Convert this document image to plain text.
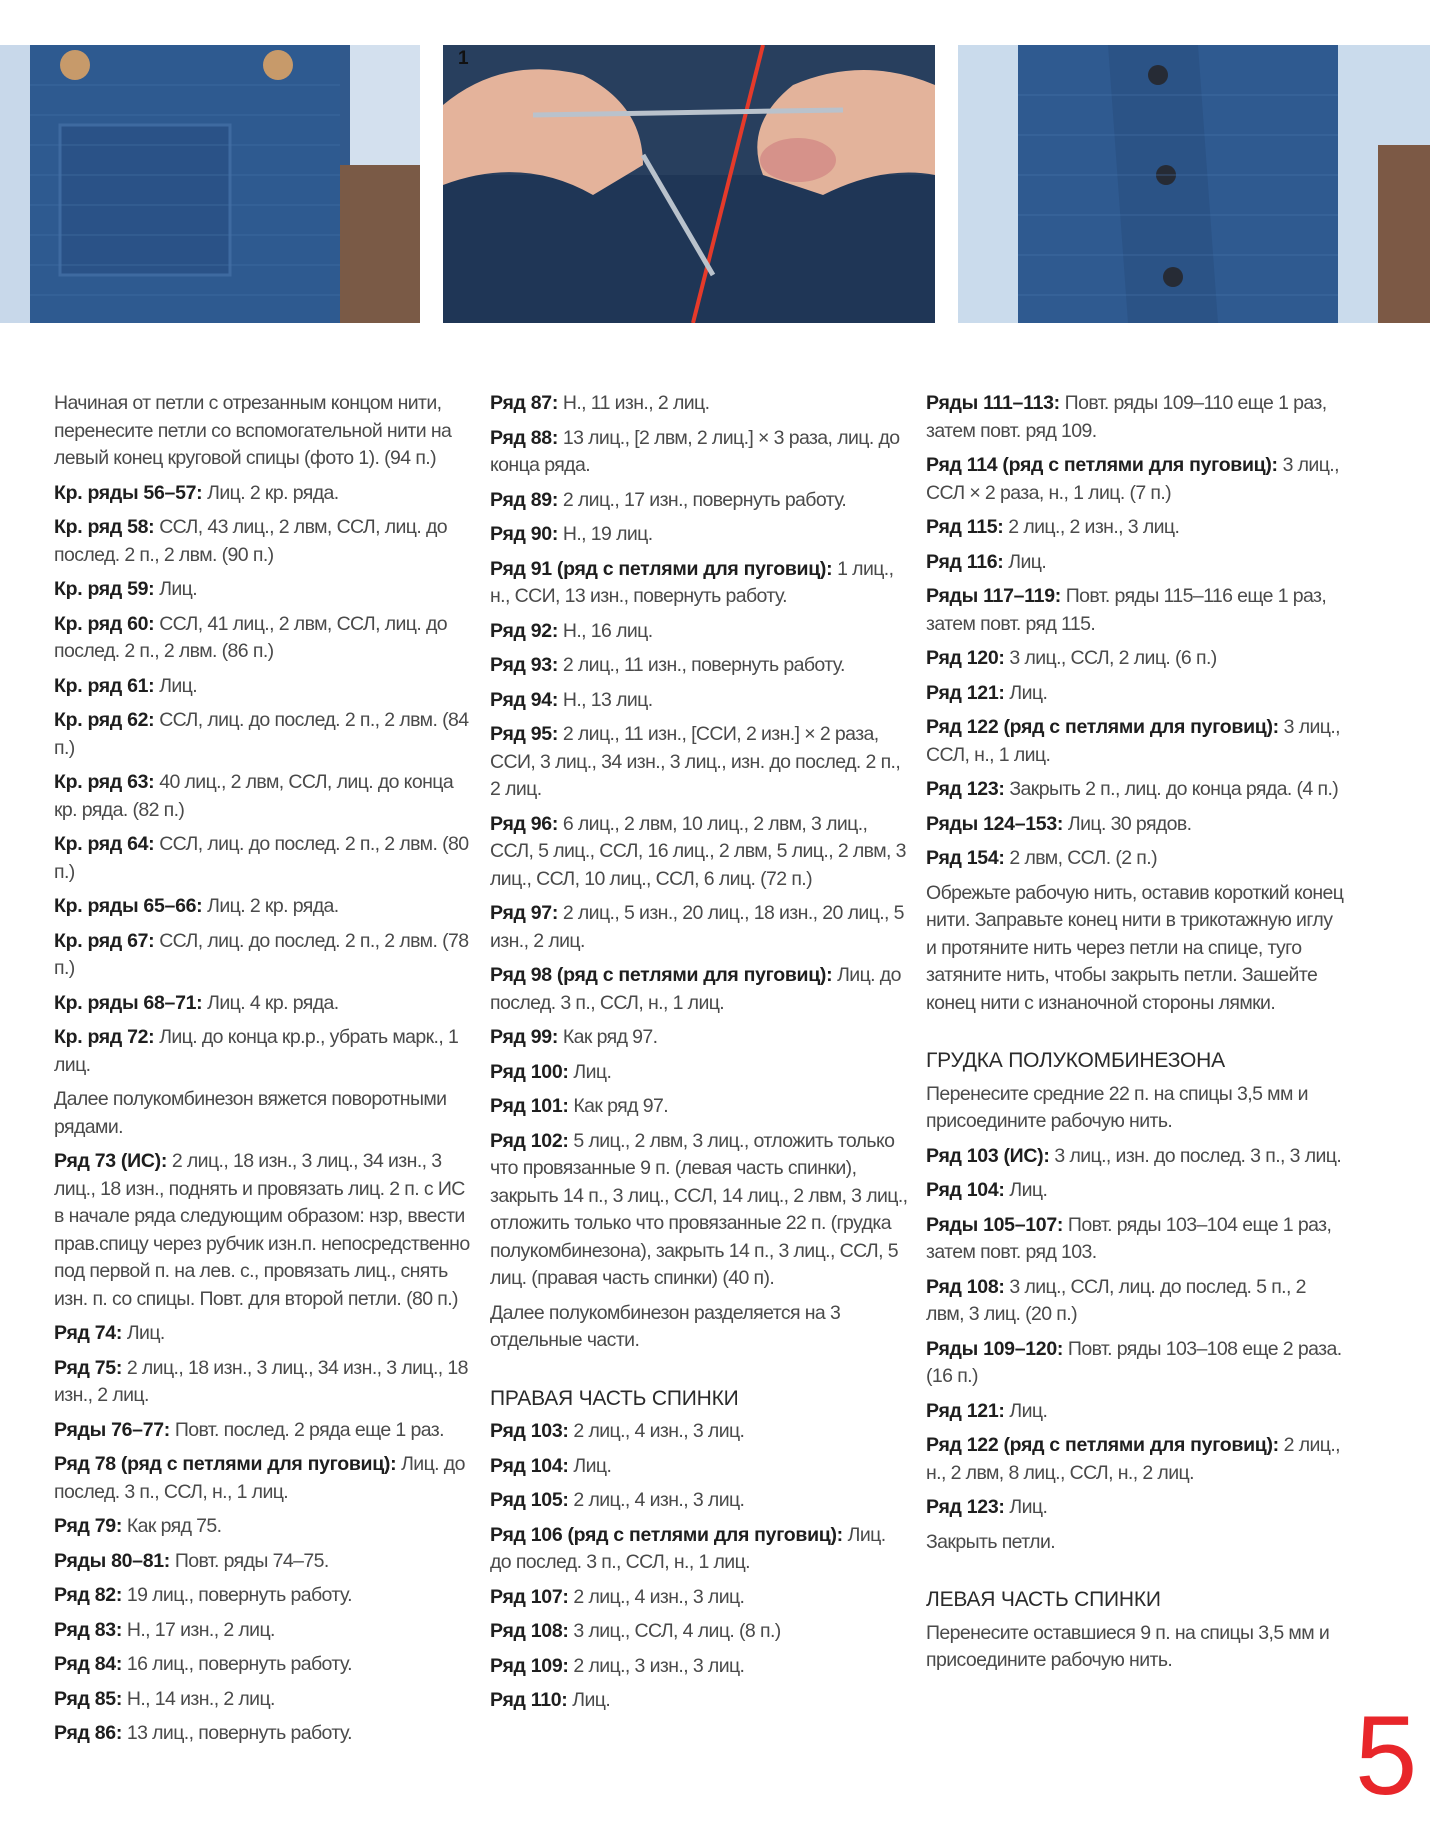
1
Начиная от петли с отрезанным концом нити, перенесите петли со вспомогательной нити на левый конец круговой спицы (фото 1). (94 п.)
Кр. ряды 56–57: Лиц. 2 кр. ряда.
Кр. ряд 58: ССЛ, 43 лиц., 2 лвм, ССЛ, лиц. до послед. 2 п., 2 лвм. (90 п.)
Кр. ряд 59: Лиц.
Кр. ряд 60: ССЛ, 41 лиц., 2 лвм, ССЛ, лиц. до послед. 2 п., 2 лвм. (86 п.)
Кр. ряд 61: Лиц.
Кр. ряд 62: ССЛ, лиц. до послед. 2 п., 2 лвм. (84 п.)
Кр. ряд 63: 40 лиц., 2 лвм, ССЛ, лиц. до конца кр. ряда. (82 п.)
Кр. ряд 64: ССЛ, лиц. до послед. 2 п., 2 лвм. (80 п.)
Кр. ряды 65–66: Лиц. 2 кр. ряда.
Кр. ряд 67: ССЛ, лиц. до послед. 2 п., 2 лвм. (78 п.)
Кр. ряды 68–71: Лиц. 4 кр. ряда.
Кр. ряд 72: Лиц. до конца кр.р., убрать марк., 1 лиц.
Далее полукомбинезон вяжется поворотными рядами.
Ряд 73 (ИС): 2 лиц., 18 изн., 3 лиц., 34 изн., 3 лиц., 18 изн., поднять и провязать лиц. 2 п. с ИС в начале ряда следующим образом: нзр, ввести прав.спицу через рубчик изн.п. непосредственно под первой п. на лев. с., провязать лиц., снять изн. п. со спицы. Повт. для второй петли. (80 п.)
Ряд 74: Лиц.
Ряд 75: 2 лиц., 18 изн., 3 лиц., 34 изн., 3 лиц., 18 изн., 2 лиц.
Ряды 76–77: Повт. послед. 2 ряда еще 1 раз.
Ряд 78 (ряд с петлями для пуговиц): Лиц. до послед. 3 п., ССЛ, н., 1 лиц.
Ряд 79: Как ряд 75.
Ряды 80–81: Повт. ряды 74–75.
Ряд 82: 19 лиц., повернуть работу.
Ряд 83: Н., 17 изн., 2 лиц.
Ряд 84: 16 лиц., повернуть работу.
Ряд 85: Н., 14 изн., 2 лиц.
Ряд 86: 13 лиц., повернуть работу.
Ряд 87: Н., 11 изн., 2 лиц.
Ряд 88: 13 лиц., [2 лвм, 2 лиц.] × 3 раза, лиц. до конца ряда.
Ряд 89: 2 лиц., 17 изн., повернуть работу.
Ряд 90: Н., 19 лиц.
Ряд 91 (ряд с петлями для пуговиц): 1 лиц., н., ССИ, 13 изн., повернуть работу.
Ряд 92: Н., 16 лиц.
Ряд 93: 2 лиц., 11 изн., повернуть работу.
Ряд 94: Н., 13 лиц.
Ряд 95: 2 лиц., 11 изн., [ССИ, 2 изн.] × 2 раза, ССИ, 3 лиц., 34 изн., 3 лиц., изн. до послед. 2 п., 2 лиц.
Ряд 96: 6 лиц., 2 лвм, 10 лиц., 2 лвм, 3 лиц., ССЛ, 5 лиц., ССЛ, 16 лиц., 2 лвм, 5 лиц., 2 лвм, 3 лиц., ССЛ, 10 лиц., ССЛ, 6 лиц. (72 п.)
Ряд 97: 2 лиц., 5 изн., 20 лиц., 18 изн., 20 лиц., 5 изн., 2 лиц.
Ряд 98 (ряд с петлями для пуговиц): Лиц. до послед. 3 п., ССЛ, н., 1 лиц.
Ряд 99: Как ряд 97.
Ряд 100: Лиц.
Ряд 101: Как ряд 97.
Ряд 102: 5 лиц., 2 лвм, 3 лиц., отложить только что провязанные 9 п. (левая часть спинки), закрыть 14 п., 3 лиц., ССЛ, 14 лиц., 2 лвм, 3 лиц., отложить только что провязанные 22 п. (грудка полукомбинезона), закрыть 14 п., 3 лиц., ССЛ, 5 лиц. (правая часть спинки) (40 п).
Далее полукомбинезон разделяется на 3 отдельные части.
ПРАВАЯ ЧАСТЬ СПИНКИ
Ряд 103: 2 лиц., 4 изн., 3 лиц.
Ряд 104: Лиц.
Ряд 105: 2 лиц., 4 изн., 3 лиц.
Ряд 106 (ряд с петлями для пуговиц): Лиц. до послед. 3 п., ССЛ, н., 1 лиц.
Ряд 107: 2 лиц., 4 изн., 3 лиц.
Ряд 108: 3 лиц., ССЛ, 4 лиц. (8 п.)
Ряд 109: 2 лиц., 3 изн., 3 лиц.
Ряд 110: Лиц.
Ряды 111–113: Повт. ряды 109–110 еще 1 раз, затем повт. ряд 109.
Ряд 114 (ряд с петлями для пуговиц): 3 лиц., ССЛ × 2 раза, н., 1 лиц. (7 п.)
Ряд 115: 2 лиц., 2 изн., 3 лиц.
Ряд 116: Лиц.
Ряды 117–119: Повт. ряды 115–116 еще 1 раз, затем повт. ряд 115.
Ряд 120: 3 лиц., ССЛ, 2 лиц. (6 п.)
Ряд 121: Лиц.
Ряд 122 (ряд с петлями для пуговиц): 3 лиц., ССЛ, н., 1 лиц.
Ряд 123: Закрыть 2 п., лиц. до конца ряда. (4 п.)
Ряды 124–153: Лиц. 30 рядов.
Ряд 154: 2 лвм, ССЛ. (2 п.)
Обрежьте рабочую нить, оставив короткий конец нити. Заправьте конец нити в трикотажную иглу и протяните нить через петли на спице, туго затяните нить, чтобы закрыть петли. Зашейте конец нити с изнаночной стороны лямки.
ГРУДКА ПОЛУКОМБИНЕЗОНА
Перенесите средние 22 п. на спицы 3,5 мм и присоедините рабочую нить.
Ряд 103 (ИС): 3 лиц., изн. до послед. 3 п., 3 лиц.
Ряд 104: Лиц.
Ряды 105–107: Повт. ряды 103–104 еще 1 раз, затем повт. ряд 103.
Ряд 108: 3 лиц., ССЛ, лиц. до послед. 5 п., 2 лвм, 3 лиц. (20 п.)
Ряды 109–120: Повт. ряды 103–108 еще 2 раза. (16 п.)
Ряд 121: Лиц.
Ряд 122 (ряд с петлями для пуговиц): 2 лиц., н., 2 лвм, 8 лиц., ССЛ, н., 2 лиц.
Ряд 123: Лиц.
Закрыть петли.
ЛЕВАЯ ЧАСТЬ СПИНКИ
Перенесите оставшиеся 9 п. на спицы 3,5 мм и присоедините рабочую нить.
5
